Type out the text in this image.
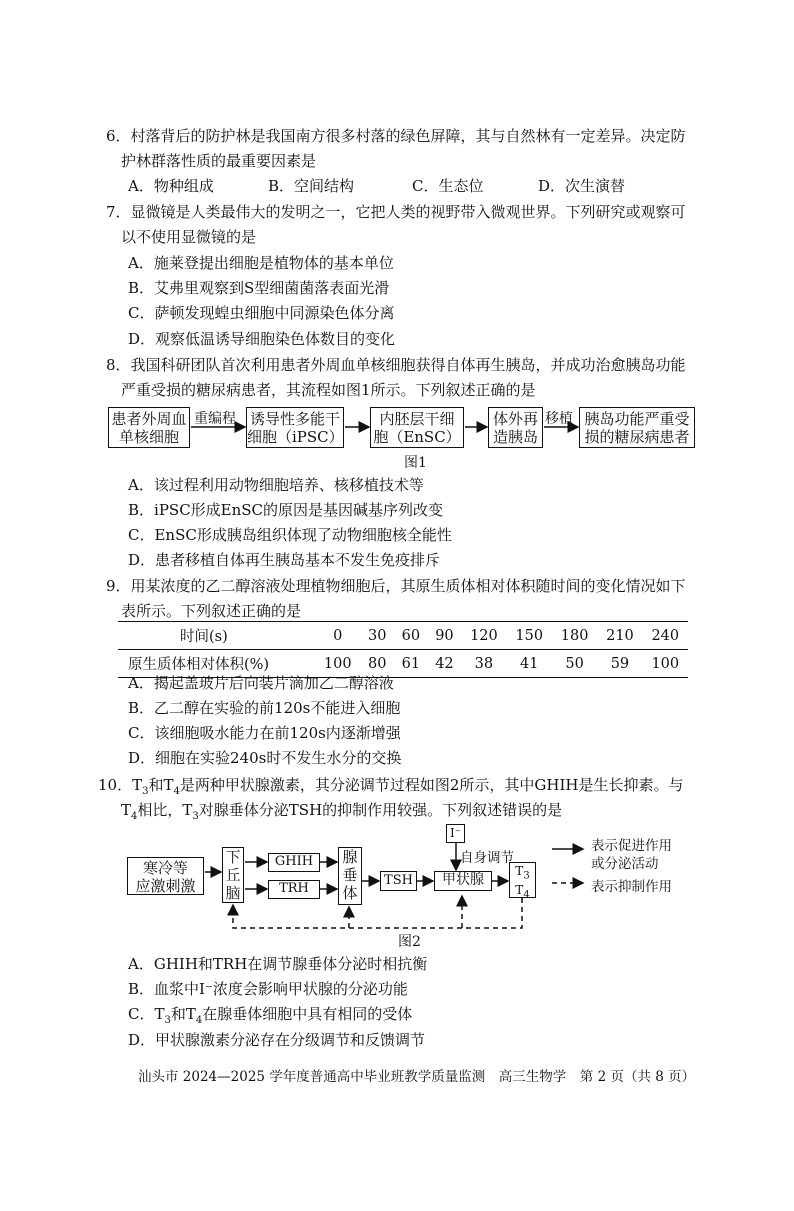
6．村落背后的防护林是我国南方很多村落的绿色屏障，其与自然林有一定差异。决定防
护林群落性质的最重要因素是
A．物种组成	B．空间结构	C．生态位	D．次生演替
7．显微镜是人类最伟大的发明之一，它把人类的视野带入微观世界。下列研究或观察可
以不使用显微镜的是
A．施莱登提出细胞是植物体的基本单位
B．艾弗里观察到S型细菌菌落表面光滑
C．萨顿发现蝗虫细胞中同源染色体分离
D．观察低温诱导细胞染色体数目的变化
8．我国科研团队首次利用患者外周血单核细胞获得自体再生胰岛，并成功治愈胰岛功能
严重受损的糖尿病患者，其流程如图1所示。下列叙述正确的是
患者外周血
单核细胞
重编程 诱导性多能干
细胞（iPSC）
内胚层干细
胞（EnSC）
体外再
造胰岛
移植 胰岛功能严重受
损的糖尿病患者
图1
A．该过程利用动物细胞培养、核移植技术等
B．iPSC形成EnSC的原因是基因碱基序列改变
C．EnSC形成胰岛组织体现了动物细胞核全能性
D．患者移植自体再生胰岛基本不发生免疫排斥
9．用某浓度的乙二醇溶液处理植物细胞后，其原生质体相对体积随时间的变化情况如下
表所示。下列叙述正确的是
时间(s)	0	30	60	90	120	150	180	210	240
原生质体相对体积(%)	100	80	61	42	38	41	50	59	100
A．揭起盖玻片后向装片滴加乙二醇溶液
B．乙二醇在实验的前120s不能进入细胞
C．该细胞吸水能力在前120s内逐渐增强
D．细胞在实验240s时不发生水分的交换
10．$T_3$和$T_4$是两种甲状腺激素，其分泌调节过程如图2所示，其中GHIH是生长抑素。与
$T_4$相比，$T_3$对腺垂体分泌TSH的抑制作用较强。下列叙述错误的是
寒冷等
应激刺激
下
丘
脑
GHIH
TRH
腺
垂
体
TSH	甲状腺
$T_3$
$T_4$
I⁻
自身调节
表示促进作用
或分泌活动
表示抑制作用
图2
A．GHIH和TRH在调节腺垂体分泌时相抗衡
B．血浆中I⁻浓度会影响甲状腺的分泌功能
C．$T_3$和$T_4$在腺垂体细胞中具有相同的受体
D．甲状腺激素分泌存在分级调节和反馈调节
汕头市 2024—2025 学年度普通高中毕业班教学质量监测　高三生物学　第 2 页（共 8 页）
